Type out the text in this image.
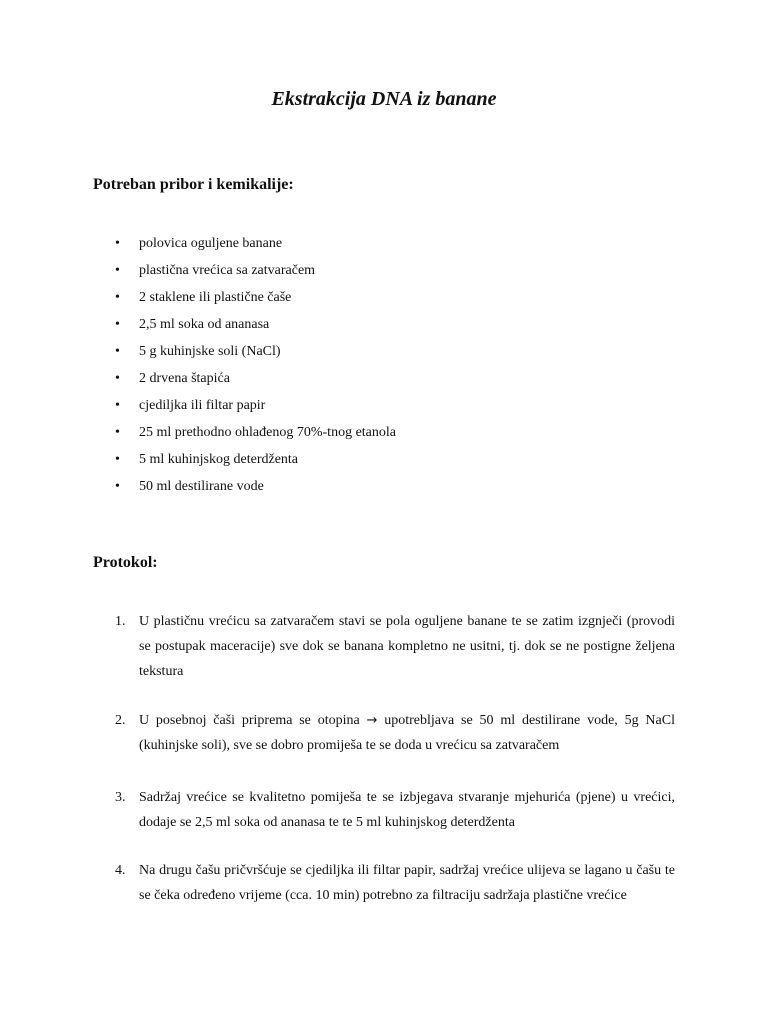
Ekstrakcija DNA iz banane
Potreban pribor i kemikalije:
• polovica oguljene banane
• plastična vrećica sa zatvaračem
• 2 staklene ili plastične čaše
• 2,5 ml soka od ananasa
• 5 g kuhinjske soli (NaCl)
• 2 drvena štapića
• cjediljka ili filtar papir
• 25 ml prethodno ohlađenog 70%-tnog etanola
• 5 ml kuhinjskog deterdženta
• 50 ml destilirane vode
Protokol:
1. U plastičnu vrećicu sa zatvaračem stavi se pola oguljene banane te se zatim izgnječi (provodi se postupak maceracije) sve dok se banana kompletno ne usitni, tj. dok se ne postigne željena tekstura
2. U posebnoj čaši priprema se otopina → upotrebljava se 50 ml destilirane vode, 5g NaCl (kuhinjske soli), sve se dobro promiješa te se doda u vrećicu sa zatvaračem
3. Sadržaj vrećice se kvalitetno pomiješa te se izbjegava stvaranje mjehurića (pjene) u vrećici, dodaje se 2,5 ml soka od ananasa te te 5 ml kuhinjskog deterdženta
4. Na drugu čašu pričvršćuje se cjediljka ili filtar papir, sadržaj vrećice ulijeva se lagano u čašu te se čeka određeno vrijeme (cca. 10 min) potrebno za filtraciju sadržaja plastične vrećice
